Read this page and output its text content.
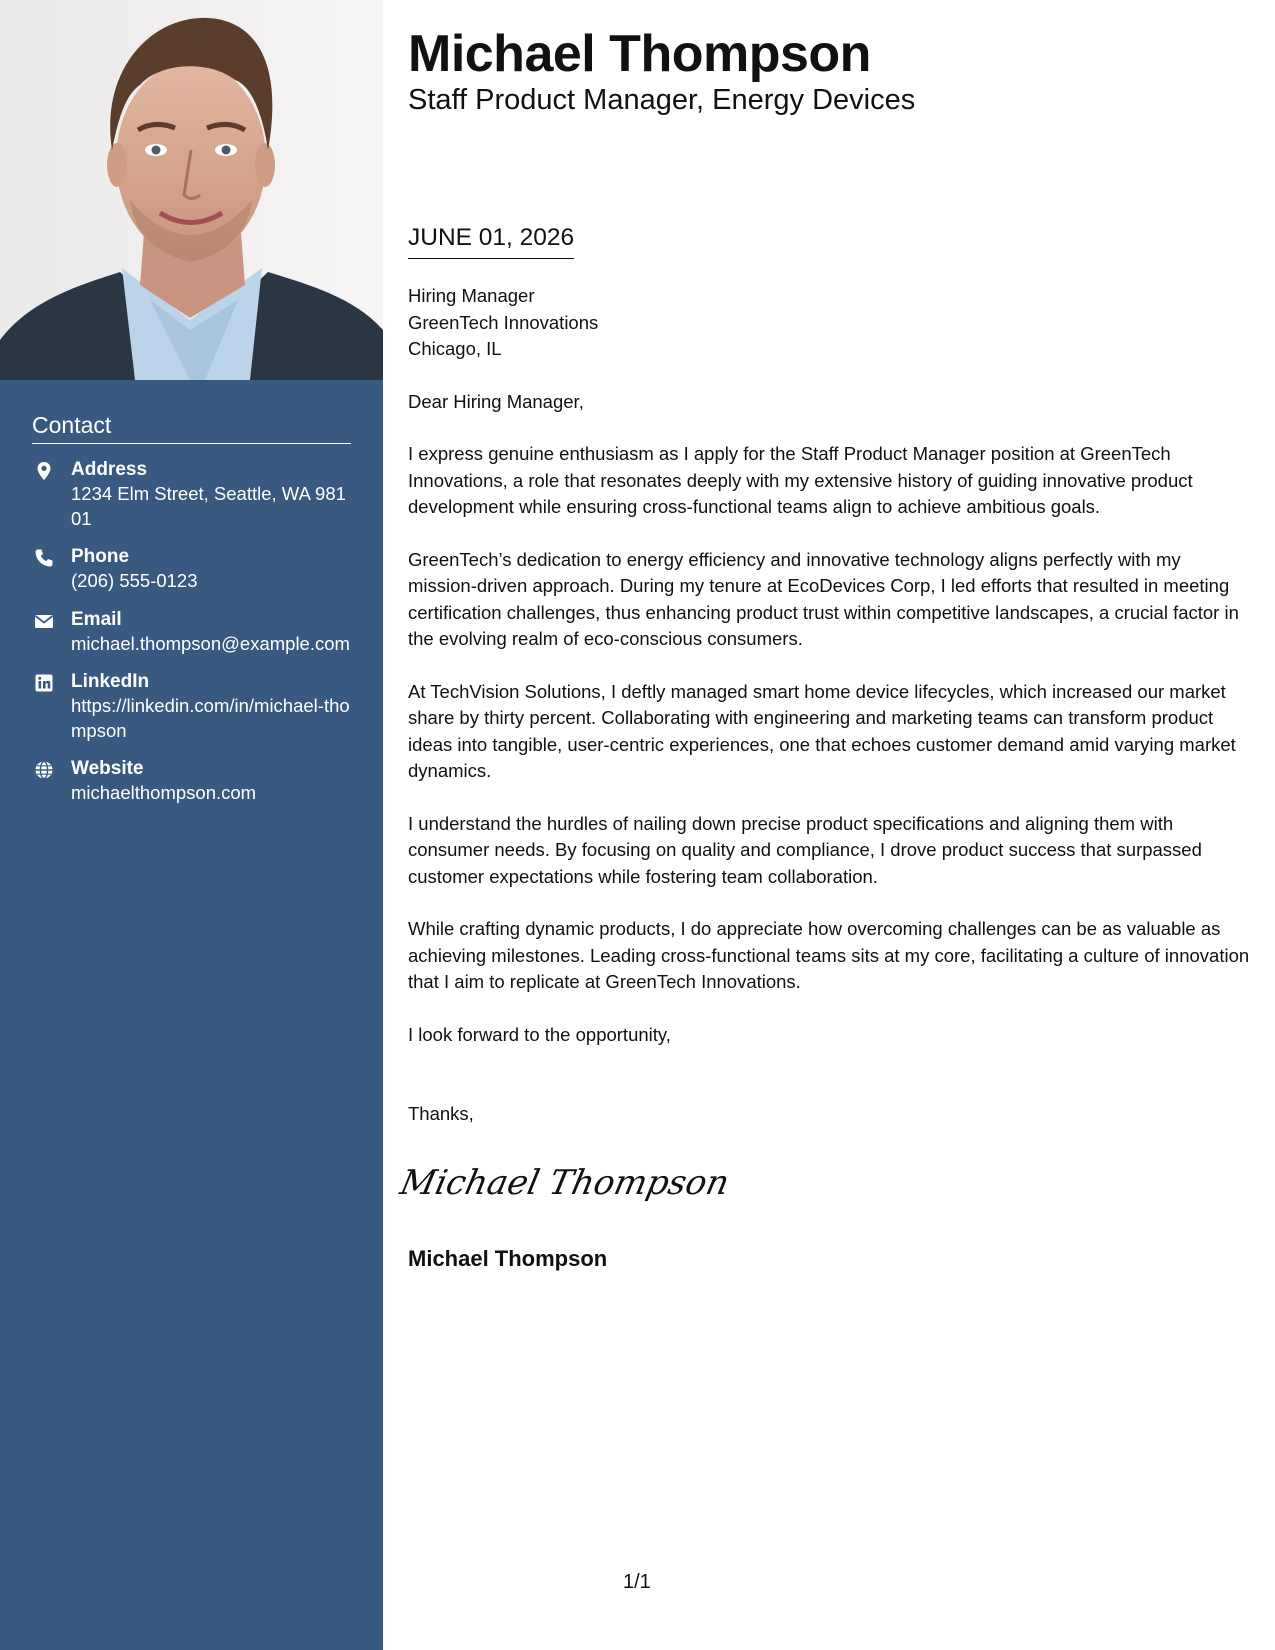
Contact
Address
1234 Elm Street, Seattle, WA 98101
Phone
(206) 555-0123
Email
michael.thompson@example.com
LinkedIn
https://linkedin.com/in/michael-thompson
Website
michaelthompson.com
Michael Thompson
Staff Product Manager, Energy Devices
JUNE 01, 2026
Hiring Manager
GreenTech Innovations
Chicago, IL

Dear Hiring Manager,

I express genuine enthusiasm as I apply for the Staff Product Manager position at GreenTech Innovations, a role that resonates deeply with my extensive history of guiding innovative product development while ensuring cross-functional teams align to achieve ambitious goals.

GreenTech’s dedication to energy efficiency and innovative technology aligns perfectly with my mission-driven approach. During my tenure at EcoDevices Corp, I led efforts that resulted in meeting certification challenges, thus enhancing product trust within competitive landscapes, a crucial factor in the evolving realm of eco-conscious consumers.

At TechVision Solutions, I deftly managed smart home device lifecycles, which increased our market share by thirty percent. Collaborating with engineering and marketing teams can transform product ideas into tangible, user-centric experiences, one that echoes customer demand amid varying market dynamics.

I understand the hurdles of nailing down precise product specifications and aligning them with consumer needs. By focusing on quality and compliance, I drove product success that surpassed customer expectations while fostering team collaboration.

While crafting dynamic products, I do appreciate how overcoming challenges can be as valuable as achieving milestones. Leading cross-functional teams sits at my core, facilitating a culture of innovation that I aim to replicate at GreenTech Innovations.

I look forward to the opportunity,

Thanks,
Michael Thompson
Michael Thompson
1/1
